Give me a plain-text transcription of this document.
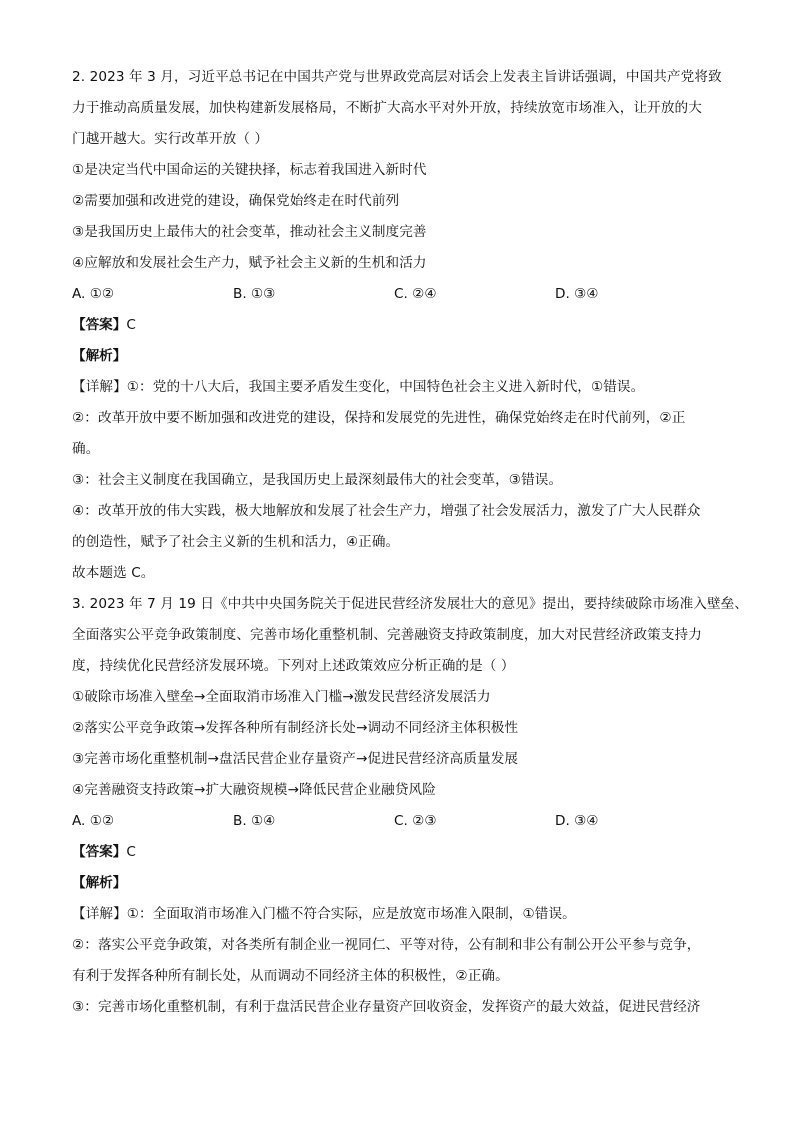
2. 2023 年 3 月，习近平总书记在中国共产党与世界政党高层对话会上发表主旨讲话强调，中国共产党将致
力于推动高质量发展，加快构建新发展格局，不断扩大高水平对外开放，持续放宽市场准入，让开放的大
门越开越大。实行改革开放（ ）
①是决定当代中国命运的关键抉择，标志着我国进入新时代
②需要加强和改进党的建设，确保党始终走在时代前列
③是我国历史上最伟大的社会变革，推动社会主义制度完善
④应解放和发展社会生产力，赋予社会主义新的生机和活力
A. ①②	B. ①③	C. ②④	D. ③④
【答案】C
【解析】
【详解】①：党的十八大后，我国主要矛盾发生变化，中国特色社会主义进入新时代，①错误。
②：改革开放中要不断加强和改进党的建设，保持和发展党的先进性，确保党始终走在时代前列，②正
确。
③：社会主义制度在我国确立，是我国历史上最深刻最伟大的社会变革，③错误。
④：改革开放的伟大实践，极大地解放和发展了社会生产力，增强了社会发展活力，激发了广大人民群众
的创造性，赋予了社会主义新的生机和活力，④正确。
故本题选 C。
3. 2023 年 7 月 19 日《中共中央国务院关于促进民营经济发展壮大的意见》提出，要持续破除市场准入壁垒、
全面落实公平竞争政策制度、完善市场化重整机制、完善融资支持政策制度，加大对民营经济政策支持力
度，持续优化民营经济发展环境。下列对上述政策效应分析正确的是（ ）
①破除市场准入壁垒→全面取消市场准入门槛→激发民营经济发展活力
②落实公平竞争政策→发挥各种所有制经济长处→调动不同经济主体积极性
③完善市场化重整机制→盘活民营企业存量资产→促进民营经济高质量发展
④完善融资支持政策→扩大融资规模→降低民营企业融贷风险
A. ①②	B. ①④	C. ②③	D. ③④
【答案】C
【解析】
【详解】①：全面取消市场准入门槛不符合实际，应是放宽市场准入限制，①错误。
②：落实公平竞争政策，对各类所有制企业一视同仁、平等对待，公有制和非公有制公开公平参与竞争，
有利于发挥各种所有制长处，从而调动不同经济主体的积极性，②正确。
③：完善市场化重整机制，有利于盘活民营企业存量资产回收资金，发挥资产的最大效益，促进民营经济
